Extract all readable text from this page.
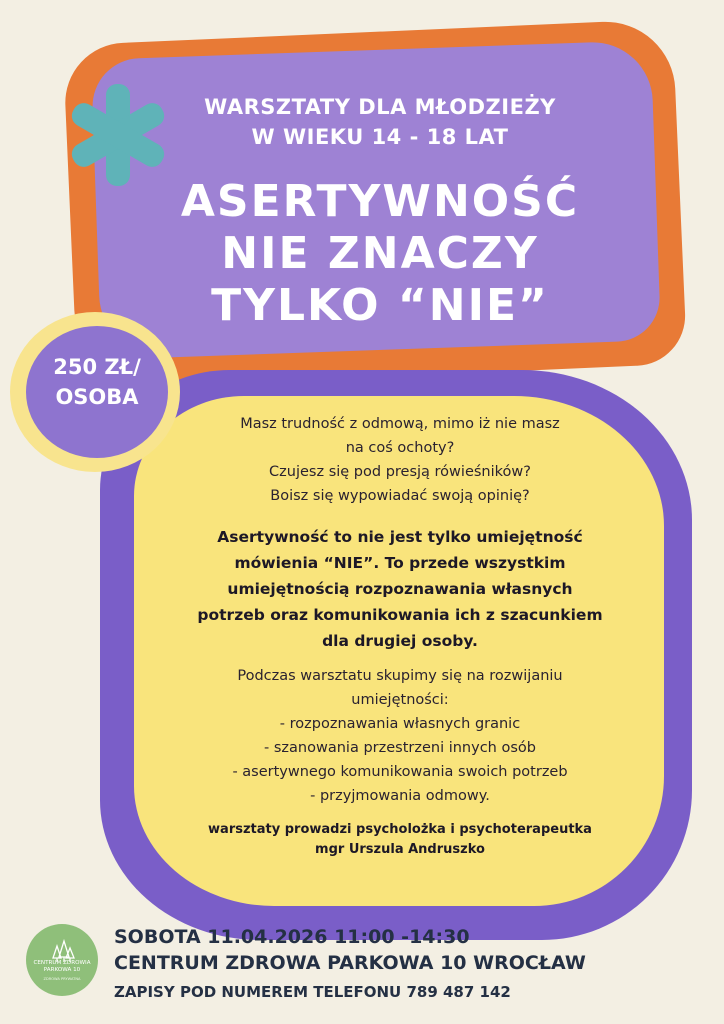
WARSZTATY DLA MŁODZIEŻY
W WIEKU 14 - 18 LAT
ASERTYWNOŚĆ
NIE ZNACZY
TYLKO “NIE”
250 ZŁ/
OSOBA
Masz trudność z odmową, mimo iż nie masz
na coś ochoty?
Czujesz się pod presją rówieśników?
Boisz się wypowiadać swoją opinię?
Asertywność to nie jest tylko umiejętność
mówienia “NIE”. To przede wszystkim
umiejętnością rozpoznawania własnych
potrzeb oraz komunikowania ich z szacunkiem
dla drugiej osoby.
Podczas warsztatu skupimy się na rozwijaniu
umiejętności:
- rozpoznawania własnych granic
- szanowania przestrzeni innych osób
- asertywnego komunikowania swoich potrzeb
- przyjmowania odmowy.
warsztaty prowadzi psycholożka i psychoterapeutka
mgr Urszula Andruszko
CENTRUM ZDROWIA
PARKOWA 10
ZDROWA PRYWATNA
SOBOTA 11.04.2026 11:00 -14:30
CENTRUM ZDROWA PARKOWA 10 WROCŁAW
ZAPISY POD NUMEREM TELEFONU 789 487 142
